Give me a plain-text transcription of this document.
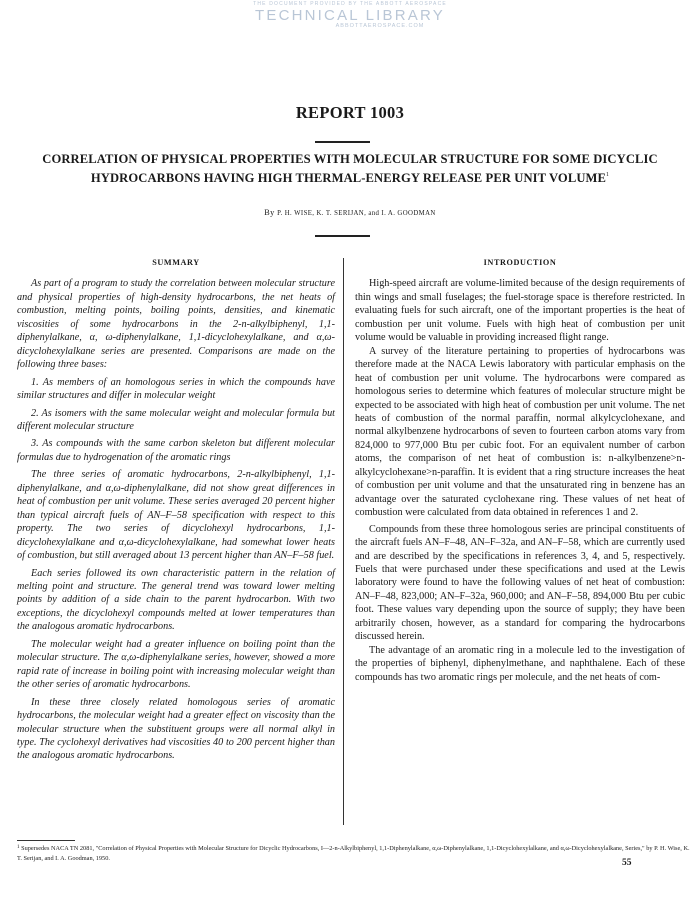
THE DOCUMENT PROVIDED BY THE ABBOTT AEROSPACE
TECHNICAL LIBRARY
ABBOTTAEROSPACE.COM
REPORT 1003
CORRELATION OF PHYSICAL PROPERTIES WITH MOLECULAR STRUCTURE FOR SOME DICYCLIC HYDROCARBONS HAVING HIGH THERMAL-ENERGY RELEASE PER UNIT VOLUME$^1$
By P. H. WISE, K. T. SERIJAN, and I. A. GOODMAN
SUMMARY

As part of a program to study the correlation between molecular structure and physical properties of high-density hydrocarbons, the net heats of combustion, melting points, boiling points, densities, and kinematic viscosities of some hydrocarbons in the 2-n-alkylbiphenyl, 1,1-diphenylalkane, α, ω-diphenylalkane, 1,1-dicyclohexylalkane, and α,ω-dicyclohexylalkane series are presented. Comparisons are made on the following three bases:

1. As members of an homologous series in which the compounds have similar structures and differ in molecular weight

2. As isomers with the same molecular weight and molecular formula but different molecular structure

3. As compounds with the same carbon skeleton but different molecular formulas due to hydrogenation of the aromatic rings

The three series of aromatic hydrocarbons, 2-n-alkylbiphenyl, 1,1-diphenylalkane, and α,ω-diphenylalkane, did not show great differences in heat of combustion per unit volume. These series averaged 20 percent higher than typical aircraft fuels of AN–F–58 specification with respect to this property. The two series of dicyclohexyl hydrocarbons, 1,1-dicyclohexylalkane and α,ω-dicyclohexylalkane, had somewhat lower heats of combustion, but still averaged about 13 percent higher than AN–F–58 fuel.

Each series followed its own characteristic pattern in the relation of melting point and structure. The general trend was toward lower melting points by addition of a side chain to the parent hydrocarbon. With two exceptions, the dicyclohexyl compounds melted at lower temperatures than the analogous aromatic hydrocarbons.

The molecular weight had a greater influence on boiling point than the molecular structure. The α,ω-diphenylalkane series, however, showed a more rapid rate of increase in boiling point with increasing molecular weight than the other series of aromatic hydrocarbons.

In these three closely related homologous series of aromatic hydrocarbons, the molecular weight had a greater effect on viscosity than the molecular structure when the substituent groups were all normal alkyl in type. The cyclohexyl derivatives had viscosities 40 to 200 percent higher than the analogous aromatic hydrocarbons.

INTRODUCTION

High-speed aircraft are volume-limited because of the design requirements of thin wings and small fuselages; the fuel-storage space is therefore restricted. In evaluating fuels for such aircraft, one of the important properties is the heat of combustion per unit volume. Fuels with high heat of combustion per unit volume would be valuable in providing increased flight range.

A survey of the literature pertaining to properties of hydrocarbons was therefore made at the NACA Lewis laboratory with particular emphasis on the heat of combustion per unit volume. The hydrocarbons were compared as homologous series to determine which features of molecular structure might be expected to be associated with high heat of combustion per unit volume. The net heats of combustion of the normal paraffin, normal alkylcyclohexane, and normal alkylbenzene hydrocarbons of seven to fourteen carbon atoms vary from 824,000 to 977,000 Btu per cubic foot. For an equivalent number of carbon atoms, the comparison of net heat of combustion is: n-alkylbenzene>n-alkylcyclohexane>n-paraffin. It is evident that a ring structure increases the heat of combustion per unit volume and that the unsaturated ring in benzene has an advantage over the saturated cyclohexane ring. These values of net heat of combustion were calculated from data obtained in references 1 and 2.

Compounds from these three homologous series are principal constituents of the aircraft fuels AN–F–48, AN–F–32a, and AN–F–58, which are currently used and are described by the specifications in references 3, 4, and 5, respectively. Fuels that were purchased under these specifications and used at the Lewis laboratory were found to have the following values of net heat of combustion: AN–F–48, 823,000; AN–F–32a, 960,000; and AN–F–58, 894,000 Btu per cubic foot. These values vary depending upon the source of supply; they have been arbitrarily chosen, however, as a standard for comparing the hydrocarbons discussed herein.

The advantage of an aromatic ring in a molecule led to the investigation of the properties of biphenyl, diphenylmethane, and naphthalene. Each of these compounds has two aromatic rings per molecule, and the net heats of com-

$^1$ Supersedes NACA TN 2081, "Correlation of Physical Properties with Molecular Structure for Dicyclic Hydrocarbons, I—2-n-Alkylbiphenyl, 1,1-Diphenylalkane, α,ω-Diphenylalkane, 1,1-Dicyclohexylalkane, and α,ω-Dicyclohexylalkane, Series," by P. H. Wise, K. T. Serijan, and I. A. Goodman, 1950.	55
